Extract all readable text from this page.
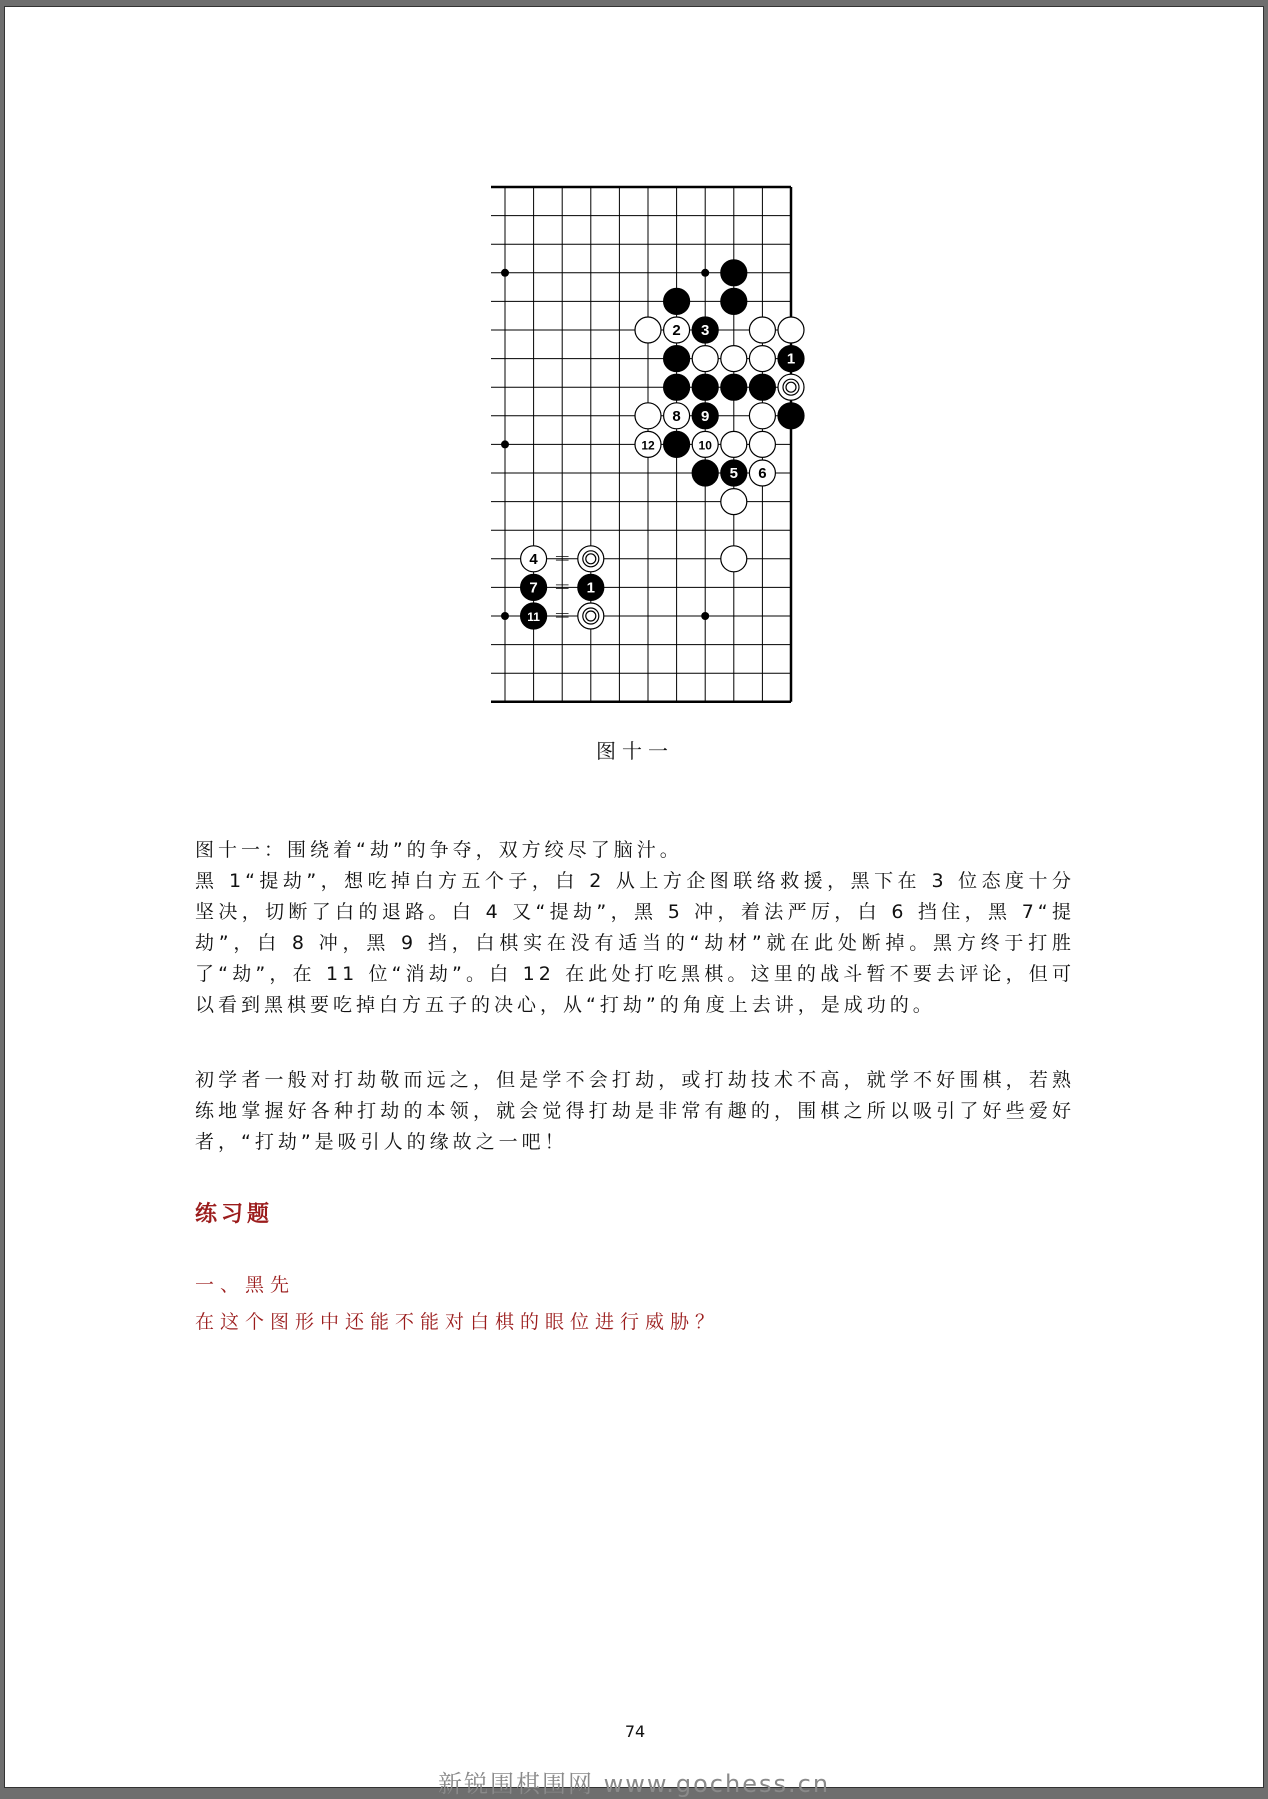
2 3
1
8 9
12	10
5 6
4 ＝
7 ＝ 1
11 ＝
图十一

图十一：围绕着“劫”的争夺，双方绞尽了脑汁。

黑 1“提劫”，想吃掉白方五个子，白 2 从上方企图联络救援，黑下在 3 位态度十分坚决，切断了白的退路。白 4 又“提劫”，黑 5 冲，着法严厉，白 6 挡住，黑 7“提劫”，白 8 冲，黑 9 挡，白棋实在没有适当的“劫材”就在此处断掉。黑方终于打胜了“劫”，在 11 位“消劫”。白 12 在此处打吃黑棋。这里的战斗暂不要去评论，但可以看到黑棋要吃掉白方五子的决心，从“打劫”的角度上去讲，是成功的。

初学者一般对打劫敬而远之，但是学不会打劫，或打劫技术不高，就学不好围棋，若熟练地掌握好各种打劫的本领，就会觉得打劫是非常有趣的，围棋之所以吸引了好些爱好者，“打劫”是吸引人的缘故之一吧！

练习题
一、黑先
在这个图形中还能不能对白棋的眼位进行威胁？
74
新锐围棋围网 www.gochess.cn
